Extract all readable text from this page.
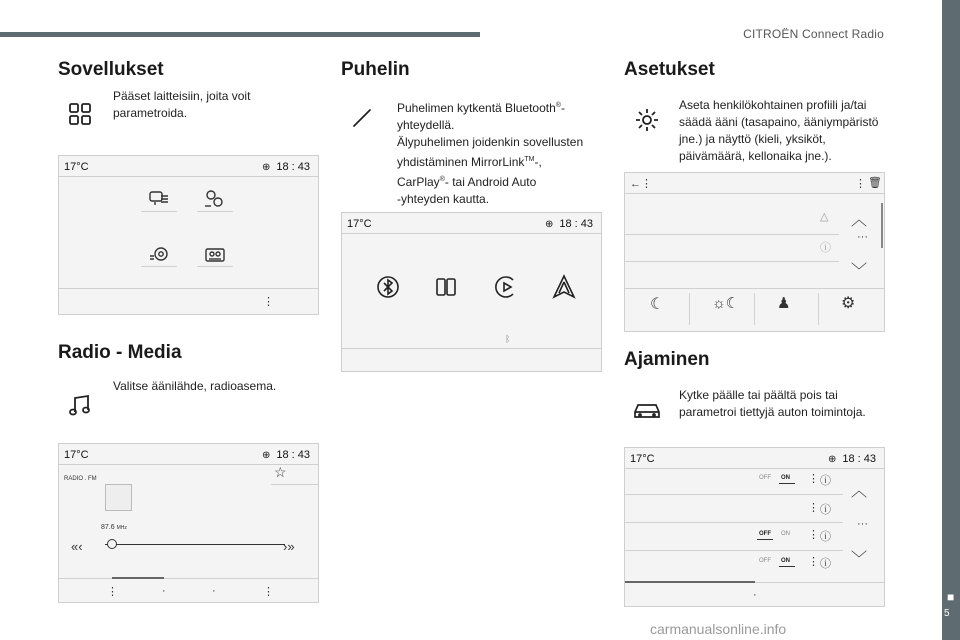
CITROËN Connect Radio
■
5
Sovellukset
Pääset laitteisiin, joita voit parametroida.
17°C	⊕ 18 : 43
⋮
Radio - Media
Valitse äänilähde, radioasema.
17°C	⊕ 18 : 43
☆
RADIO . FM
87.6 MHz
«‹	›»
⋮	·	·	⋮
Puhelin
Puhelimen kytkentä Bluetooth®-
yhteydellä.
Älypuhelimen joidenkin sovellusten
yhdistäminen MirrorLink™-,
CarPlay®- tai Android Auto
-yhteyden kautta.
17°C	⊕ 18 : 43
ᛒ
Asetukset
Aseta henkilökohtainen profiili ja/tai säädä ääni (tasapaino, ääniympäristö jne.) ja näyttö (kieli, yksiköt, päivämäärä, kellonaika jne.).
←⋮	⋮ 🗑
△
ⓘ
︿
···
﹀
☾	☼☾	♟	⚙
Ajaminen
Kytke päälle tai päältä pois tai parametroi tiettyjä auton toimintoja.
17°C	⊕ 18 : 43
OFF ON ⋮ ⓘ
⋮ ⓘ
OFF ON ⋮ ⓘ
OFF ON ⋮ ⓘ
︿
···
﹀
·
carmanualsonline.info
